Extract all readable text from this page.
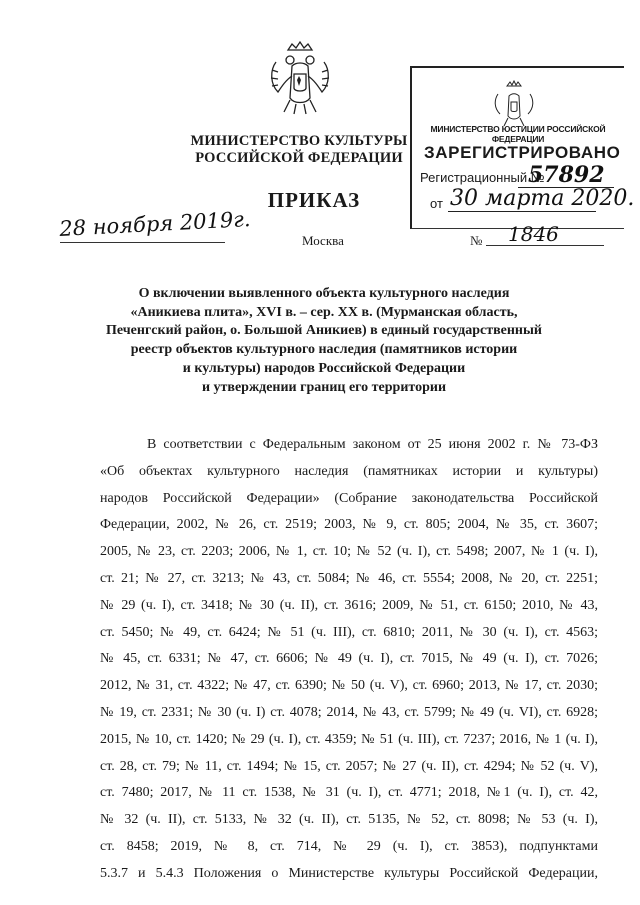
МИНИСТЕРСТВО КУЛЬТУРЫ
РОССИЙСКОЙ ФЕДЕРАЦИИ
МИНИСТЕРСТВО ЮСТИЦИИ РОССИЙСКОЙ ФЕДЕРАЦИИ
ЗАРЕГИСТРИРОВАНО
Регистрационный №
57892
от 30 марта 2020.
ПРИКАЗ
28 ноября 2019г.	Москва	№ 1846
О включении выявленного объекта культурного наследия
«Аникиева плита», XVI в. – сер. XX в. (Мурманская область,
Печенгский район, о. Большой Аникиев) в единый государственный
реестр объектов культурного наследия (памятников истории
и культуры) народов Российской Федерации
и утверждении границ его территории
В соответствии с Федеральным законом от 25 июня 2002 г. № 73-ФЗ
«Об объектах культурного наследия (памятниках истории и культуры)
народов Российской Федерации» (Собрание законодательства Российской
Федерации, 2002, № 26, ст. 2519; 2003, № 9, ст. 805; 2004, № 35, ст. 3607;
2005, № 23, ст. 2203; 2006, № 1, ст. 10; № 52 (ч. I), ст. 5498; 2007, № 1 (ч. I),
ст. 21; № 27, ст. 3213; № 43, ст. 5084; № 46, ст. 5554; 2008, № 20, ст. 2251;
№ 29 (ч. I), ст. 3418; № 30 (ч. II), ст. 3616; 2009, № 51, ст. 6150; 2010, № 43,
ст. 5450; № 49, ст. 6424; № 51 (ч. III), ст. 6810; 2011, № 30 (ч. I), ст. 4563;
№ 45, ст. 6331; № 47, ст. 6606; № 49 (ч. I), ст. 7015, № 49 (ч. I), ст. 7026;
2012, № 31, ст. 4322; № 47, ст. 6390; № 50 (ч. V), ст. 6960; 2013, № 17, ст. 2030;
№ 19, ст. 2331; № 30 (ч. I) ст. 4078; 2014, № 43, ст. 5799; № 49 (ч. VI), ст. 6928;
2015, № 10, ст. 1420; № 29 (ч. I), ст. 4359; № 51 (ч. III), ст. 7237; 2016, № 1 (ч. I),
ст. 28, ст. 79; № 11, ст. 1494; № 15, ст. 2057; № 27 (ч. II), ст. 4294; № 52 (ч. V),
ст. 7480; 2017, № 11 ст. 1538, № 31 (ч. I), ст. 4771; 2018, №1 (ч. I), ст. 42,
№ 32 (ч. II), ст. 5133, № 32 (ч. II), ст. 5135, № 52, ст. 8098; № 53 (ч. I),
ст. 8458; 2019, № 8, ст. 714, № 29 (ч. I), ст. 3853), подпунктами
5.3.7 и 5.4.3 Положения о Министерстве культуры Российской Федерации,
